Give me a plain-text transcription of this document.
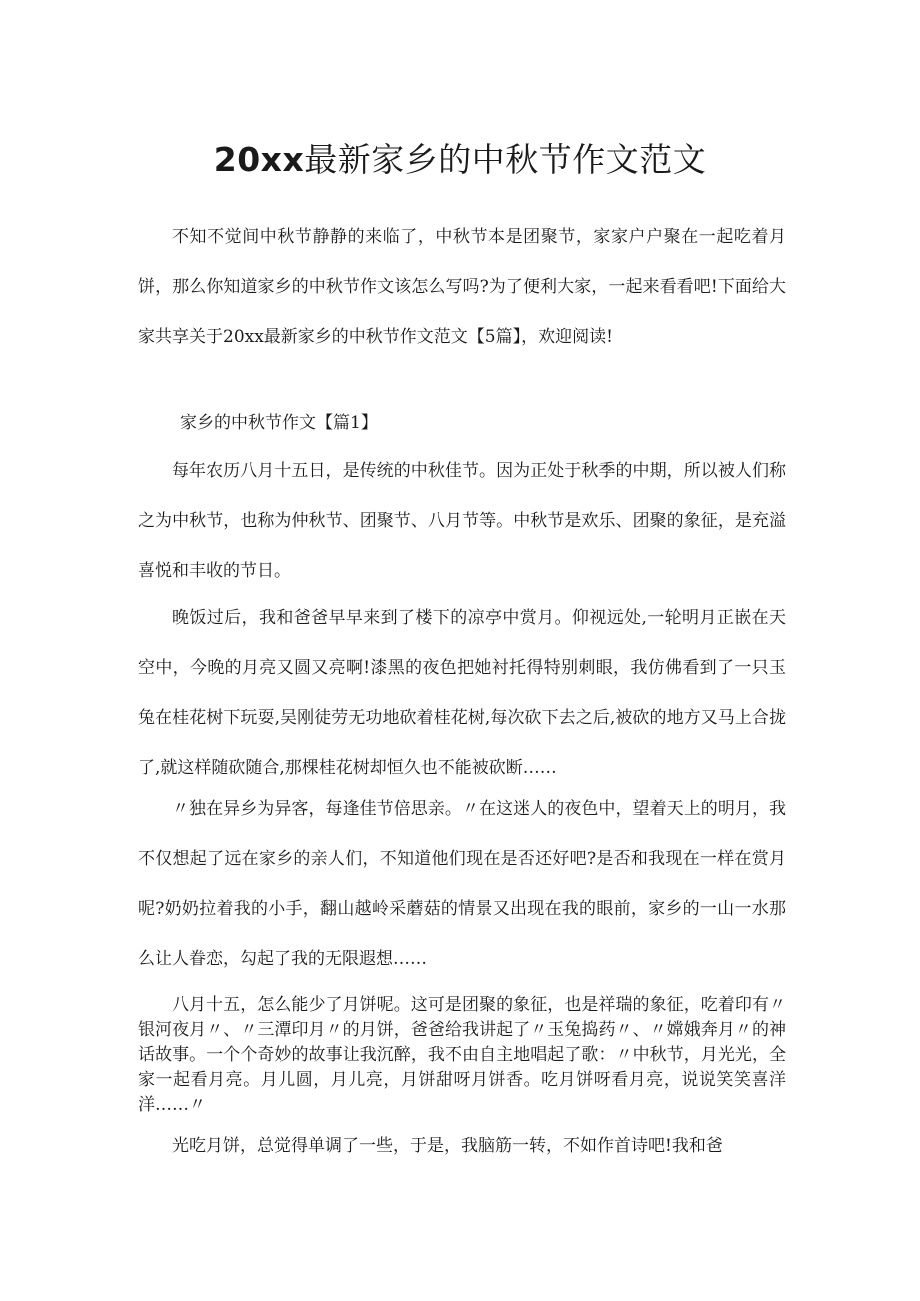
20xx最新家乡的中秋节作文范文

不知不觉间中秋节静静的来临了，中秋节本是团聚节，家家户户聚在一起吃着月饼，那么你知道家乡的中秋节作文该怎么写吗?为了便利大家，一起来看看吧!下面给大家共享关于20xx最新家乡的中秋节作文范文【5篇】，欢迎阅读!

家乡的中秋节作文【篇1】

每年农历八月十五日，是传统的中秋佳节。因为正处于秋季的中期，所以被人们称之为中秋节，也称为仲秋节、团聚节、八月节等。中秋节是欢乐、团聚的象征，是充溢喜悦和丰收的节日。

晚饭过后，我和爸爸早早来到了楼下的凉亭中赏月。仰视远处,一轮明月正嵌在天空中，今晚的月亮又圆又亮啊!漆黑的夜色把她衬托得特别刺眼，我仿佛看到了一只玉兔在桂花树下玩耍,吴刚徒劳无功地砍着桂花树,每次砍下去之后,被砍的地方又马上合拢了,就这样随砍随合,那棵桂花树却恒久也不能被砍断……

〃独在异乡为异客，每逢佳节倍思亲。〃在这迷人的夜色中，望着天上的明月，我不仅想起了远在家乡的亲人们，不知道他们现在是否还好吧?是否和我现在一样在赏月呢?奶奶拉着我的小手，翻山越岭采蘑菇的情景又出现在我的眼前，家乡的一山一水那么让人眷恋，勾起了我的无限遐想……

八月十五，怎么能少了月饼呢。这可是团聚的象征，也是祥瑞的象征，吃着印有〃银河夜月〃、〃三潭印月〃的月饼，爸爸给我讲起了〃玉兔捣药〃、〃嫦娥奔月〃的神话故事。一个个奇妙的故事让我沉醉，我不由自主地唱起了歌：〃中秋节，月光光，全家一起看月亮。月儿圆，月儿亮，月饼甜呀月饼香。吃月饼呀看月亮，说说笑笑喜洋洋……〃

光吃月饼，总觉得单调了一些，于是，我脑筋一转，不如作首诗吧!我和爸
